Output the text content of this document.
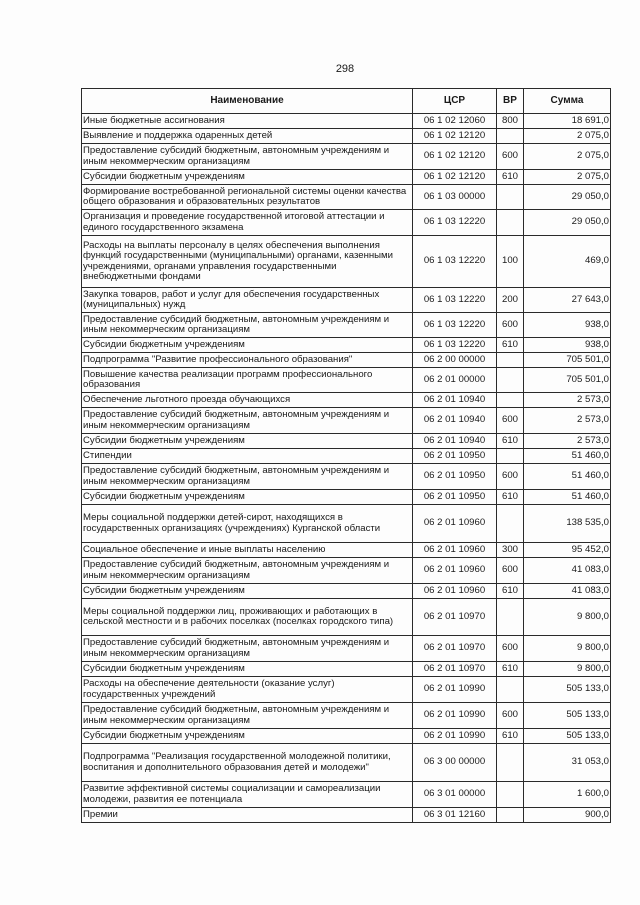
298
Наименование	ЦСР	ВР	Сумма
Иные бюджетные ассигнования	06 1 02 12060	800	18 691,0
Выявление и поддержка одаренных детей	06 1 02 12120		2 075,0
Предоставление субсидий бюджетным, автономным учреждениям и иным некоммерческим организациям	06 1 02 12120	600	2 075,0
Субсидии бюджетным учреждениям	06 1 02 12120	610	2 075,0
Формирование востребованной региональной системы оценки качества общего образования и образовательных результатов	06 1 03 00000		29 050,0
Организация и проведение государственной итоговой аттестации и единого государственного экзамена	06 1 03 12220		29 050,0
Расходы на выплаты персоналу в целях обеспечения выполнения функций государственными (муниципальными) органами, казенными учреждениями, органами управления государственными внебюджетными фондами	06 1 03 12220	100	469,0
Закупка товаров, работ и услуг для обеспечения государственных (муниципальных) нужд	06 1 03 12220	200	27 643,0
Предоставление субсидий бюджетным, автономным учреждениям и иным некоммерческим организациям	06 1 03 12220	600	938,0
Субсидии бюджетным учреждениям	06 1 03 12220	610	938,0
Подпрограмма "Развитие профессионального образования"	06 2 00 00000		705 501,0
Повышение качества реализации программ профессионального образования	06 2 01 00000		705 501,0
Обеспечение льготного проезда обучающихся	06 2 01 10940		2 573,0
Предоставление субсидий бюджетным, автономным учреждениям и иным некоммерческим организациям	06 2 01 10940	600	2 573,0
Субсидии бюджетным учреждениям	06 2 01 10940	610	2 573,0
Стипендии	06 2 01 10950		51 460,0
Предоставление субсидий бюджетным, автономным учреждениям и иным некоммерческим организациям	06 2 01 10950	600	51 460,0
Субсидии бюджетным учреждениям	06 2 01 10950	610	51 460,0
Меры социальной поддержки детей-сирот, находящихся в государственных организациях (учреждениях) Курганской области	06 2 01 10960		138 535,0
Социальное обеспечение и иные выплаты населению	06 2 01 10960	300	95 452,0
Предоставление субсидий бюджетным, автономным учреждениям и иным некоммерческим организациям	06 2 01 10960	600	41 083,0
Субсидии бюджетным учреждениям	06 2 01 10960	610	41 083,0
Меры социальной поддержки лиц, проживающих и работающих в сельской местности и в рабочих поселках (поселках городского типа)	06 2 01 10970		9 800,0
Предоставление субсидий бюджетным, автономным учреждениям и иным некоммерческим организациям	06 2 01 10970	600	9 800,0
Субсидии бюджетным учреждениям	06 2 01 10970	610	9 800,0
Расходы на обеспечение деятельности (оказание услуг) государственных учреждений	06 2 01 10990		505 133,0
Предоставление субсидий бюджетным, автономным учреждениям и иным некоммерческим организациям	06 2 01 10990	600	505 133,0
Субсидии бюджетным учреждениям	06 2 01 10990	610	505 133,0
Подпрограмма "Реализация государственной молодежной политики, воспитания и дополнительного образования детей и молодежи"	06 3 00 00000		31 053,0
Развитие эффективной системы социализации и самореализации молодежи, развития ее потенциала	06 3 01 00000		1 600,0
Премии	06 3 01 12160		900,0
